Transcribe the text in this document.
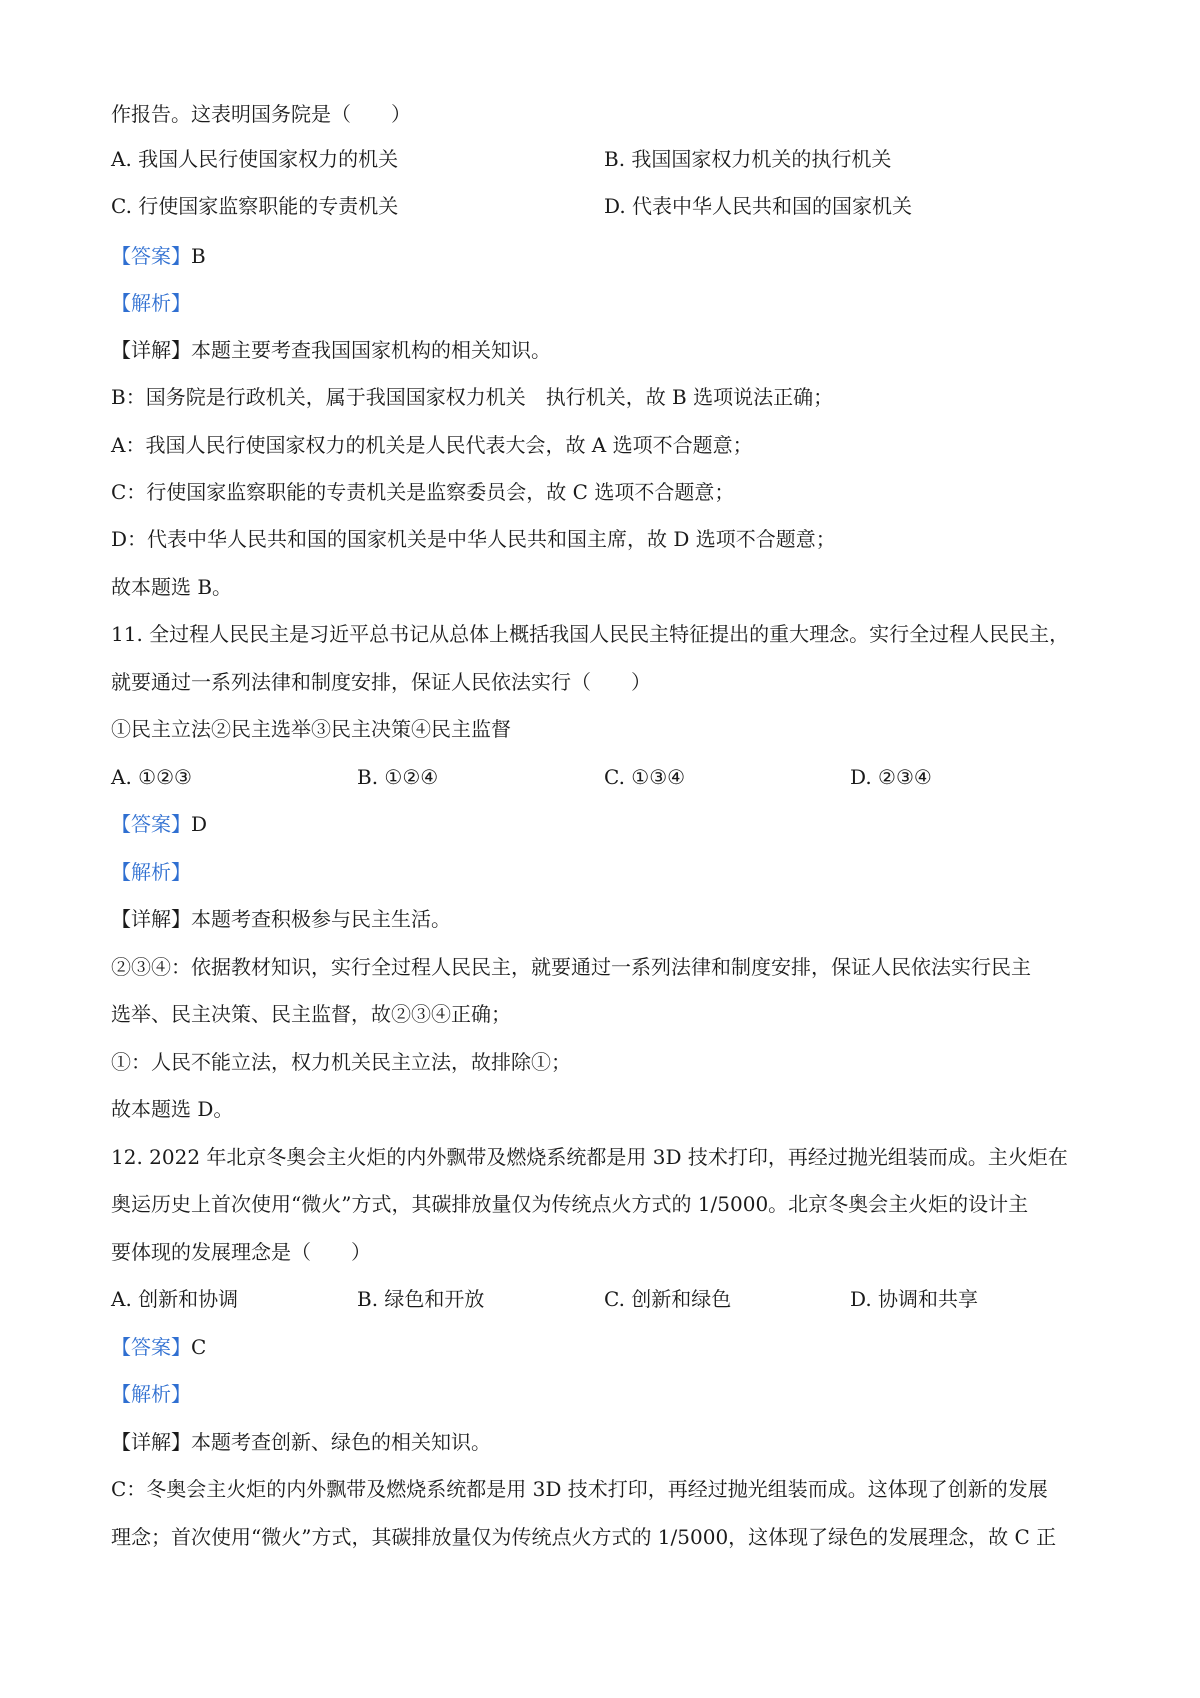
作报告。这表明国务院是（　　）
A. 我国人民行使国家权力的机关	B. 我国国家权力机关的执行机关
C. 行使国家监察职能的专责机关	D. 代表中华人民共和国的国家机关
【答案】B
【解析】
【详解】本题主要考查我国国家机构的相关知识。
B：国务院是行政机关，属于我国国家权力机关　执行机关，故 B 选项说法正确；
A：我国人民行使国家权力的机关是人民代表大会，故 A 选项不合题意；
C：行使国家监察职能的专责机关是监察委员会，故 C 选项不合题意；
D：代表中华人民共和国的国家机关是中华人民共和国主席，故 D 选项不合题意；
故本题选 B。
11. 全过程人民民主是习近平总书记从总体上概括我国人民民主特征提出的重大理念。实行全过程人民民主，
就要通过一系列法律和制度安排，保证人民依法实行（　　）
①民主立法②民主选举③民主决策④民主监督
A. ①②③	B. ①②④	C. ①③④	D. ②③④
【答案】D
【解析】
【详解】本题考查积极参与民主生活。
②③④：依据教材知识，实行全过程人民民主，就要通过一系列法律和制度安排，保证人民依法实行民主
选举、民主决策、民主监督，故②③④正确；
①：人民不能立法，权力机关民主立法，故排除①；
故本题选 D。
12. 2022 年北京冬奥会主火炬的内外飘带及燃烧系统都是用 3D 技术打印，再经过抛光组装而成。主火炬在
奥运历史上首次使用“微火”方式，其碳排放量仅为传统点火方式的 1/5000。北京冬奥会主火炬的设计主
要体现的发展理念是（　　）
A. 创新和协调	B. 绿色和开放	C. 创新和绿色	D. 协调和共享
【答案】C
【解析】
【详解】本题考查创新、绿色的相关知识。
C：冬奥会主火炬的内外飘带及燃烧系统都是用 3D 技术打印，再经过抛光组装而成。这体现了创新的发展
理念；首次使用“微火”方式，其碳排放量仅为传统点火方式的 1/5000，这体现了绿色的发展理念，故 C 正
